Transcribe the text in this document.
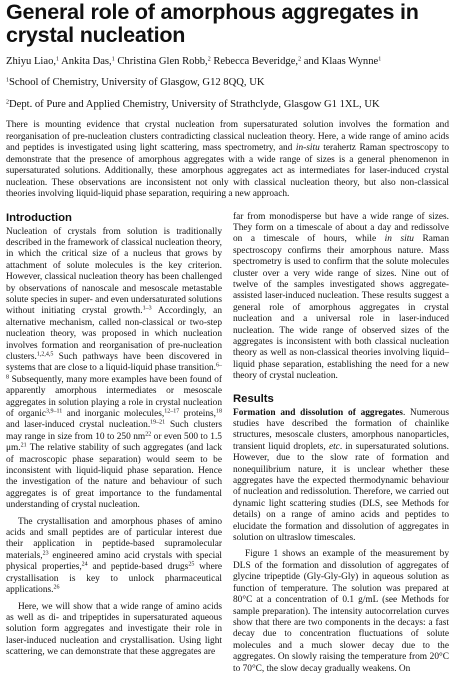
General role of amorphous aggregates in crystal nucleation
Zhiyu Liao,$^1$ Ankita Das,$^1$ Christina Glen Robb,$^2$ Rebecca Beveridge,$^2$ and Klaas Wynne$^1$
$^1$School of Chemistry, University of Glasgow, G12 8QQ, UK
$^2$Dept. of Pure and Applied Chemistry, University of Strathclyde, Glasgow G1 1XL, UK
There is mounting evidence that crystal nucleation from supersaturated solution involves the formation and reorganisation of pre-nucleation clusters contradicting classical nucleation theory. Here, a wide range of amino acids and peptides is investigated using light scattering, mass spectrometry, and in-situ terahertz Raman spectroscopy to demonstrate that the presence of amorphous aggregates with a wide range of sizes is a general phenomenon in supersaturated solutions. Additionally, these amorphous aggregates act as intermediates for laser-induced crystal nucleation. These observations are inconsistent not only with classical nucleation theory, but also non-classical theories involving liquid-liquid phase separation, requiring a new approach.
Introduction

Nucleation of crystals from solution is traditionally described in the framework of classical nucleation theory, in which the critical size of a nucleus that grows by attachment of solute molecules is the key criterion. However, classical nucleation theory has been challenged by observations of nanoscale and mesoscale metastable solute species in super- and even undersaturated solutions without initiating crystal growth.$^{1-3}$ Accordingly, an alternative mechanism, called non-classical or two-step nucleation theory, was proposed in which nucleation involves formation and reorganisation of pre-nucleation clusters.$^{1,2,4,5}$ Such pathways have been discovered in systems that are close to a liquid-liquid phase transition.$^{6-8}$ Subsequently, many more examples have been found of apparently amorphous intermediates or mesoscale aggregates in solution playing a role in crystal nucleation of organic$^{3,9-11}$ and inorganic molecules,$^{12-17}$ proteins,$^{18}$ and laser-induced crystal nucleation.$^{19-21}$ Such clusters may range in size from 10 to 250 $nm^{22}$ or even 500 to 1.5 μm.$^{21}$ The relative stability of such aggregates (and lack of macroscopic phase separation) would seem to be inconsistent with liquid-liquid phase separation. Hence the investigation of the nature and behaviour of such aggregates is of great importance to the fundamental understanding of crystal nucleation.

The crystallisation and amorphous phases of amino acids and small peptides are of particular interest due their application in peptide-based supramolecular materials,$^{23}$ engineered amino acid crystals with special physical properties,$^{24}$ and peptide-based drugs$^{25}$ where crystallisation is key to unlock pharmaceutical applications.$^{26}$

Here, we will show that a wide range of amino acids as well as di- and tripeptides in supersaturated aqueous solution form aggregates and investigate their role in laser-induced nucleation and crystallisation. Using light scattering, we can demonstrate that these aggregates are

far from monodisperse but have a wide range of sizes. They form on a timescale of about a day and redissolve on a timescale of hours, while in situ Raman spectroscopy confirms their amorphous nature. Mass spectrometry is used to confirm that the solute molecules cluster over a very wide range of sizes. Nine out of twelve of the samples investigated shows aggregate-assisted laser-induced nucleation. These results suggest a general role of amorphous aggregates in crystal nucleation and a universal role in laser-induced nucleation. The wide range of observed sizes of the aggregates is inconsistent with both classical nucleation theory as well as non-classical theories involving liquid–liquid phase separation, establishing the need for a new theory of crystal nucleation.

Results

Formation and dissolution of aggregates. Numerous studies have described the formation of chainlike structures, mesoscale clusters, amorphous nanoparticles, transient liquid droplets, etc. in supersaturated solutions. However, due to the slow rate of formation and nonequilibrium nature, it is unclear whether these aggregates have the expected thermodynamic behaviour of nucleation and redissolution. Therefore, we carried out dynamic light scattering studies (DLS, see Methods for details) on a range of amino acids and peptides to elucidate the formation and dissolution of aggregates in solution on ultraslow timescales.

Figure 1 shows an example of the measurement by DLS of the formation and dissolution of aggregates of glycine tripeptide (Gly-Gly-Gly) in aqueous solution as function of temperature. The solution was prepared at 80°C at a concentration of 0.1 g/mL (see Methods for sample preparation). The intensity autocorrelation curves show that there are two components in the decays: a fast decay due to concentration fluctuations of solute molecules and a much slower decay due to the aggregates. On slowly raising the temperature from 20°C to 70°C, the slow decay gradually weakens. On
